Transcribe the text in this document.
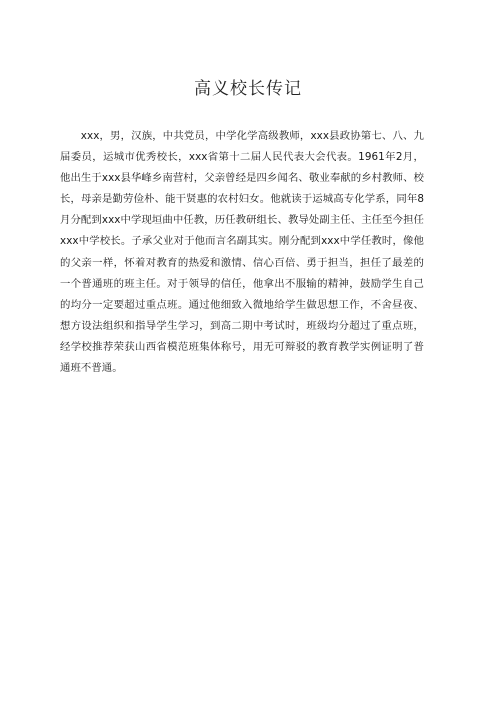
高义校长传记

xxx，男，汉族，中共党员，中学化学高级教师，xxx县政协第七、八、九届委员，运城市优秀校长，xxx省第十二届人民代表大会代表。1961年2月，他出生于xxx县华峰乡南营村，父亲曾经是四乡闻名、敬业奉献的乡村教师、校长，母亲是勤劳俭朴、能干贤惠的农村妇女。他就读于运城高专化学系，同年8月分配到xxx中学现垣曲中任教，历任教研组长、教导处副主任、主任至今担任xxx中学校长。子承父业对于他而言名副其实。刚分配到xxx中学任教时，像他的父亲一样，怀着对教育的热爱和激情、信心百倍、勇于担当，担任了最差的一个普通班的班主任。对于领导的信任，他拿出不服输的精神，鼓励学生自己的均分一定要超过重点班。通过他细致入微地给学生做思想工作，不舍昼夜、想方设法组织和指导学生学习，到高二期中考试时，班级均分超过了重点班，经学校推荐荣获山西省模范班集体称号，用无可辩驳的教育教学实例证明了普通班不普通。
